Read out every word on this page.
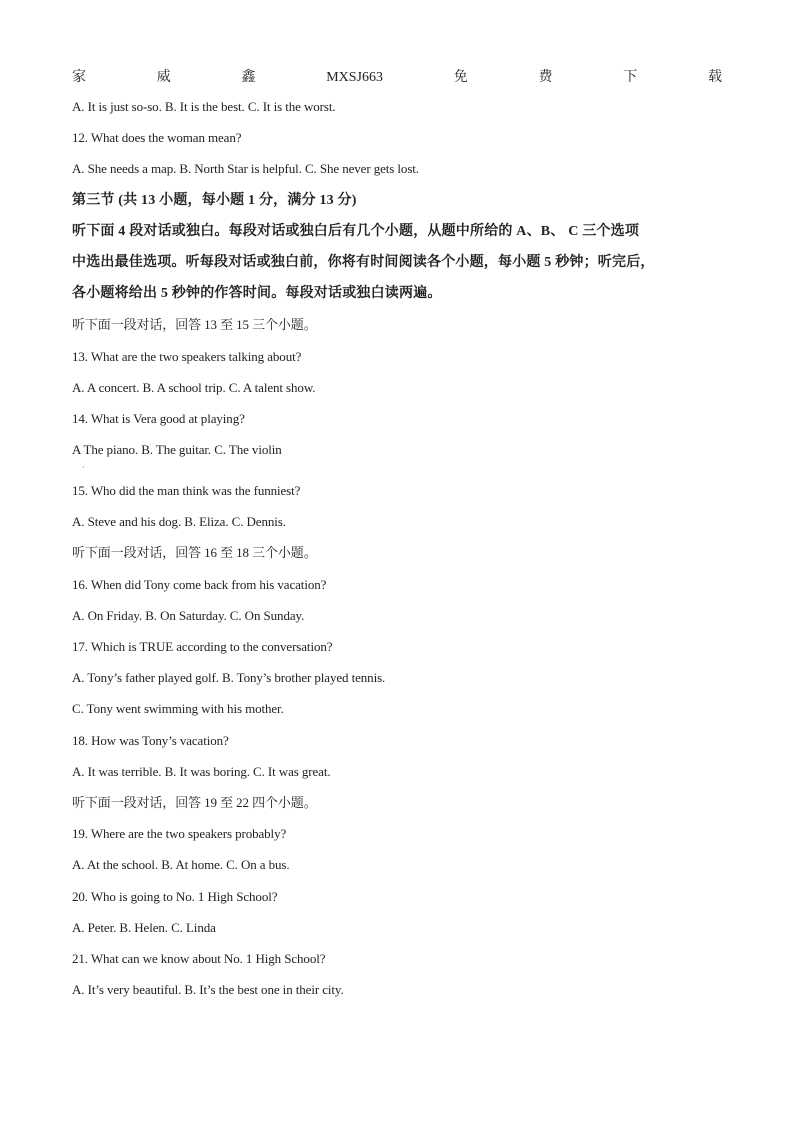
家	威	鑫	MXSJ663	免	费	下	载
A. It is just so-so. B. It is the best. C. It is the worst.
12. What does the woman mean?
A. She needs a map. B. North Star is helpful. C. She never gets lost.
第三节 (共 13 小题，每小题 1 分，满分 13 分)
听下面 4 段对话或独白。每段对话或独白后有几个小题，从题中所给的 A、B、 C 三个选项
中选出最佳选项。听每段对话或独白前，你将有时间阅读各个小题，每小题 5 秒钟；听完后，
各小题将给出 5 秒钟的作答时间。每段对话或独白读两遍。
听下面一段对话，回答 13 至 15 三个小题。
13. What are the two speakers talking about?
A. A concert. B. A school trip. C. A talent show.
14. What is Vera good at playing?
A The piano. B. The guitar. C. The violin
15. Who did the man think was the funniest?
A. Steve and his dog. B. Eliza. C. Dennis.
听下面一段对话，回答 16 至 18 三个小题。
16. When did Tony come back from his vacation?
A. On Friday. B. On Saturday. C. On Sunday.
17. Which is TRUE according to the conversation?
A. Tony’s father played golf. B. Tony’s brother played tennis.
C. Tony went swimming with his mother.
18. How was Tony’s vacation?
A. It was terrible. B. It was boring. C. It was great.
听下面一段对话，回答 19 至 22 四个小题。
19. Where are the two speakers probably?
A. At the school. B. At home. C. On a bus.
20. Who is going to No. 1 High School?
A. Peter. B. Helen. C. Linda
21. What can we know about No. 1 High School?
A. It’s very beautiful. B. It’s the best one in their city.
·
